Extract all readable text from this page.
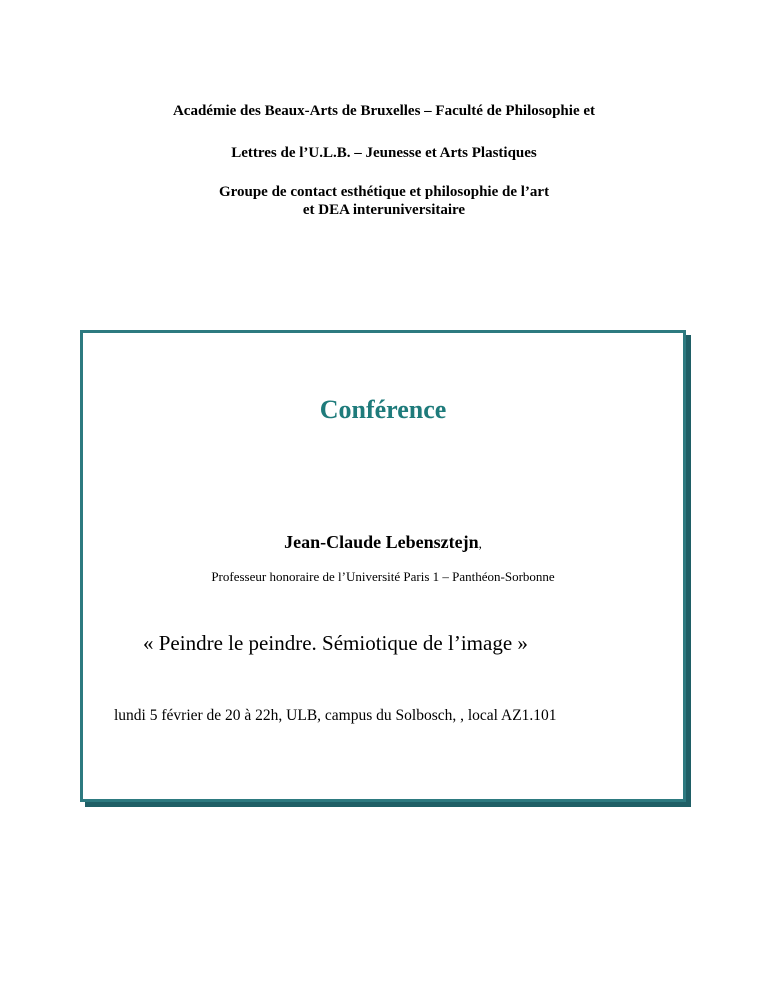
Académie des Beaux-Arts de Bruxelles – Faculté de Philosophie et
Lettres de l’U.L.B. – Jeunesse et Arts Plastiques
Groupe de contact esthétique et philosophie de l’art
et DEA interuniversitaire
Conférence
Jean-Claude Lebensztejn,
Professeur honoraire de l’Université Paris 1 – Panthéon-Sorbonne
« Peindre le peindre. Sémiotique de l’image »
lundi 5 février de 20 à 22h, ULB, campus du Solbosch, , local AZ1.101
